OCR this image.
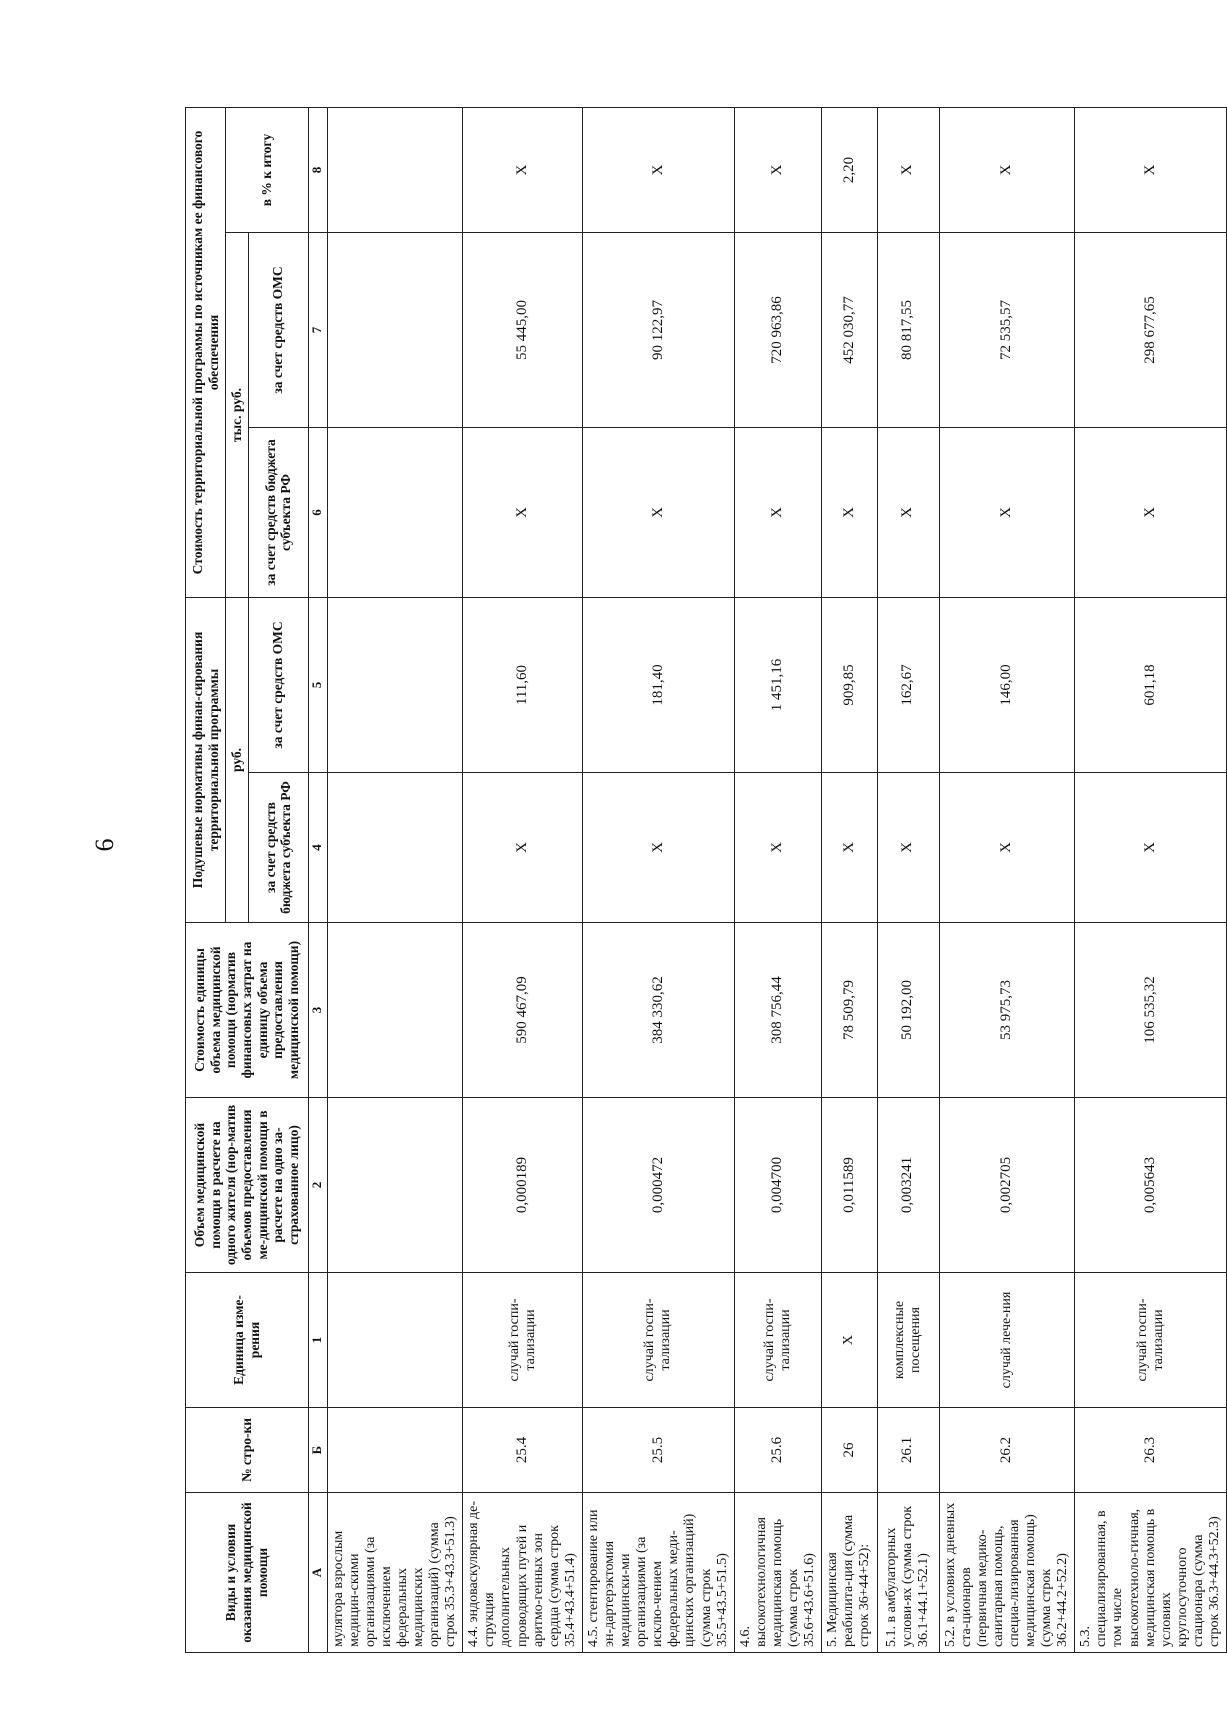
6
Виды и условия оказания медицинской помощи	№ стро-ки	Единица изме-рения	Объем медицинской помощи в расчете на одного жителя (нор-матив объемов предоставления ме-дицинской помощи в расчете на одно за-страхованное лицо)	Стоимость единицы объема медицинской помощи (норматив финансовых затрат на единицу объема предоставления медицинской помощи)	Подушевые нормативы финан-сирования территориальной программы		Стоимость территориальной программы по источникам ее финансового обеспечения		
					руб.		тыс. руб.		в % к итогу
					за счет средств бюджета субъекта РФ	за счет средств ОМС	за счет средств бюджета субъекта РФ	за счет средств ОМС	
А	Б	1	2	3	4	5	6	7	8
мулятора взрослым медицин-скими организациями (за исключением федеральных медицинских организаций) (сумма строк 35.3+43.3+51.3)									
4.4. эндоваскулярная де-струкция дополнительных проводящих путей и аритмо-генных зон сердца (сумма строк 35.4+43.4+51.4)	25.4	случай госпи-тализации	0,000189	590 467,09	Х	111,60	Х	55 445,00	Х
4.5. стентирование или эн-дартерэктомия медицински-ми организациями (за исклю-чением федеральных меди-цинских организаций) (сумма строк 35.5+43.5+51.5)	25.5	случай госпи-тализации	0,000472	384 330,62	Х	181,40	Х	90 122,97	Х
4.6. высокотехнологичная медицинская помощь (сумма строк 35.6+43.6+51.6)	25.6	случай госпи-тализации	0,004700	308 756,44	Х	1 451,16	Х	720 963,86	Х
5. Медицинская реабилита-ция (сумма строк 36+44+52):	26	Х	0,011589	78 509,79	Х	909,85	Х	452 030,77	2,20
5.1. в амбулаторных услови-ях (сумма строк 36.1+44.1+52.1)	26.1	комплексные посещения	0,003241	50 192,00	Х	162,67	Х	80 817,55	Х
5.2. в условиях дневных ста-ционаров (первичная медико-санитарная помощь, специа-лизированная медицинская помощь) (сумма строк 36.2+44.2+52.2)	26.2	случай лече-ния	0,002705	53 975,73	Х	146,00	Х	72 535,57	Х
5.3. специализированная, в том числе высокотехноло-гичная, медицинская помощь в условиях круглосуточного стационара (сумма строк 36.3+44.3+52.3)	26.3	случай госпи-тализации	0,005643	106 535,32	Х	601,18	Х	298 677,65	Х
